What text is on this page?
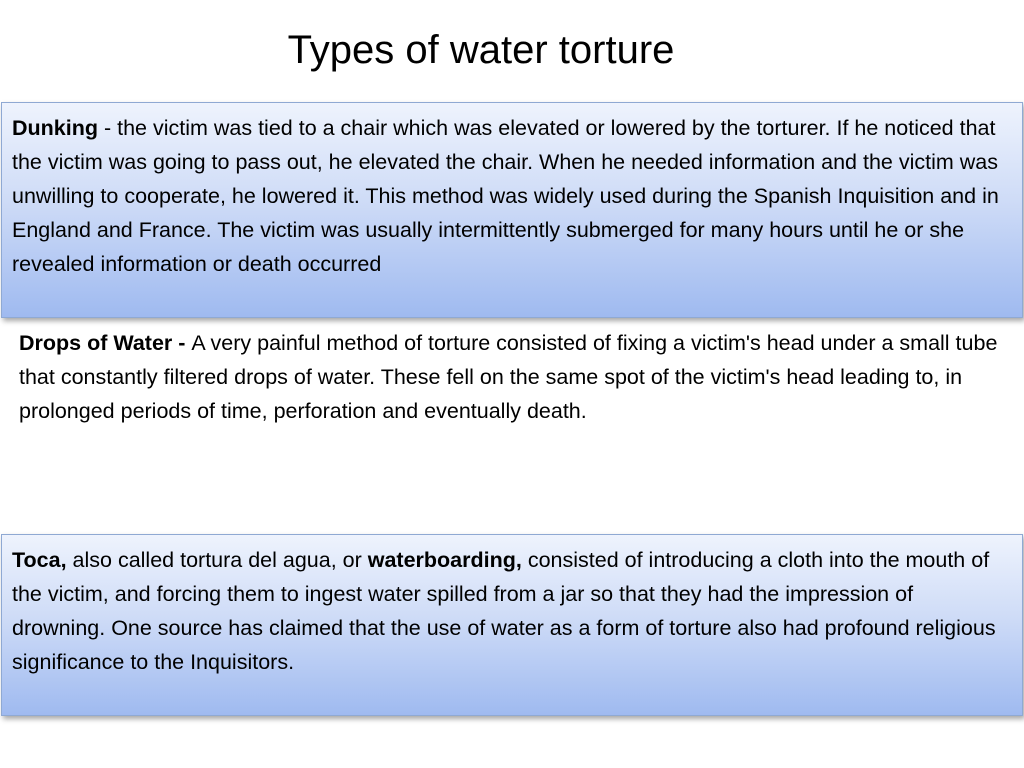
Types of water torture

Dunking - the victim was tied to a chair which was elevated or lowered by the torturer. If he noticed that the victim was going to pass out, he elevated the chair. When he needed information and the victim was unwilling to cooperate, he lowered it. This method was widely used during the Spanish Inquisition and in England and France. The victim was usually intermittently submerged for many hours until he or she revealed information or death occurred

Drops of Water - A very painful method of torture consisted of fixing a victim's head under a small tube that constantly filtered drops of water. These fell on the same spot of the victim's head leading to, in prolonged periods of time, perforation and eventually death.

Toca, also called tortura del agua, or waterboarding, consisted of introducing a cloth into the mouth of the victim, and forcing them to ingest water spilled from a jar so that they had the impression of drowning. One source has claimed that the use of water as a form of torture also had profound religious significance to the Inquisitors.
